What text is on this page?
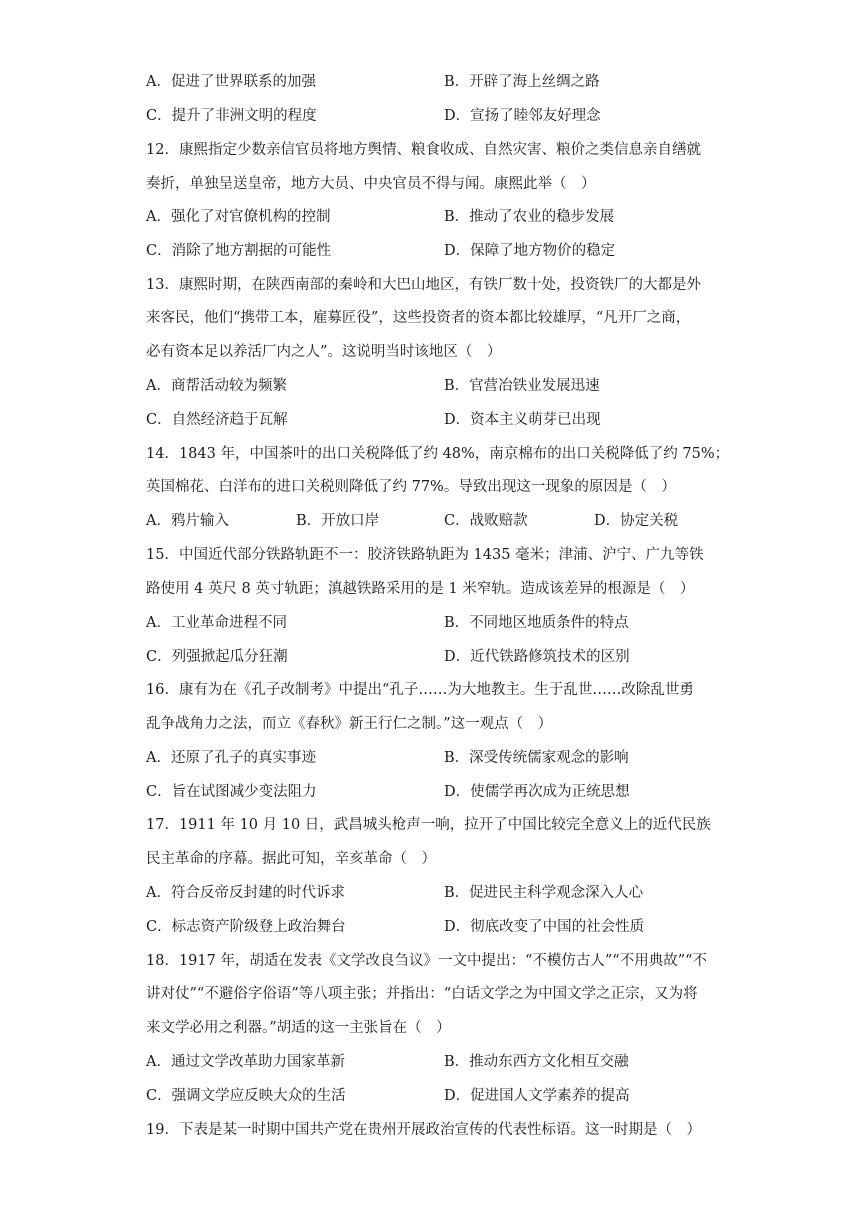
A．促进了世界联系的加强	B．开辟了海上丝绸之路
C．提升了非洲文明的程度	D．宣扬了睦邻友好理念
12．康熙指定少数亲信官员将地方舆情、粮食收成、自然灾害、粮价之类信息亲自缮就
奏折，单独呈送皇帝，地方大员、中央官员不得与闻。康熙此举（　）
A．强化了对官僚机构的控制	B．推动了农业的稳步发展
C．消除了地方割据的可能性	D．保障了地方物价的稳定
13．康熙时期，在陕西南部的秦岭和大巴山地区，有铁厂数十处，投资铁厂的大都是外
来客民，他们“携带工本，雇募匠役”，这些投资者的资本都比较雄厚，“凡开厂之商，
必有资本足以养活厂内之人”。这说明当时该地区（　）
A．商帮活动较为频繁	B．官营冶铁业发展迅速
C．自然经济趋于瓦解	D．资本主义萌芽已出现
14．1843 年，中国茶叶的出口关税降低了约 48%，南京棉布的出口关税降低了约 75%；
英国棉花、白洋布的进口关税则降低了约 77%。导致出现这一现象的原因是（　）
A．鸦片输入	B．开放口岸	C．战败赔款	D．协定关税
15．中国近代部分铁路轨距不一：胶济铁路轨距为 1435 毫米；津浦、沪宁、广九等铁
路使用 4 英尺 8 英寸轨距；滇越铁路采用的是 1 米窄轨。造成该差异的根源是（　）
A．工业革命进程不同	B．不同地区地质条件的特点
C．列强掀起瓜分狂潮	D．近代铁路修筑技术的区别
16．康有为在《孔子改制考》中提出“孔子……为大地教主。生于乱世……改除乱世勇
乱争战角力之法，而立《春秋》新王行仁之制。”这一观点（　）
A．还原了孔子的真实事迹	B．深受传统儒家观念的影响
C．旨在试图减少变法阻力	D．使儒学再次成为正统思想
17．1911 年 10 月 10 日，武昌城头枪声一响，拉开了中国比较完全意义上的近代民族
民主革命的序幕。据此可知，辛亥革命（　）
A．符合反帝反封建的时代诉求	B．促进民主科学观念深入人心
C．标志资产阶级登上政治舞台	D．彻底改变了中国的社会性质
18．1917 年，胡适在发表《文学改良刍议》一文中提出：“不模仿古人”“不用典故”“不
讲对仗”“不避俗字俗语”等八项主张；并指出：“白话文学之为中国文学之正宗，又为将
来文学必用之利器。”胡适的这一主张旨在（　）
A．通过文学改革助力国家革新	B．推动东西方文化相互交融
C．强调文学应反映大众的生活	D．促进国人文学素养的提高
19．下表是某一时期中国共产党在贵州开展政治宣传的代表性标语。这一时期是（　）
